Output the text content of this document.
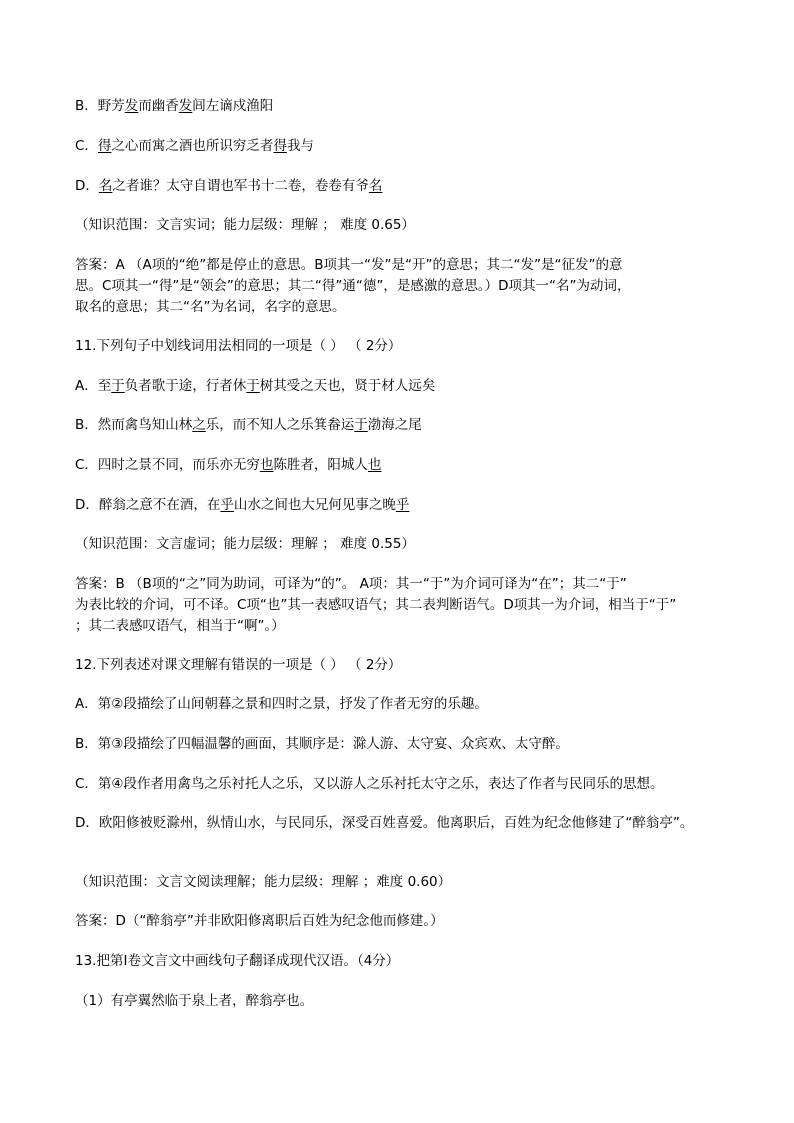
B．野芳发而幽香发闾左谪戍渔阳
C．得之心而寓之酒也所识穷乏者得我与
D．名之者谁？太守自谓也军书十二卷，卷卷有爷名
（知识范围：文言实词；能力层级：理解 ； 难度 0.65）
答案：A （A项的“绝”都是停止的意思。B项其一“发”是“开”的意思；其二“发”是“征发”的意
思。C项其一“得”是“领会”的意思；其二“得”通“德”，是感激的意思。）D项其一“名”为动词，
取名的意思；其二“名”为名词，名字的意思。
11.下列句子中划线词用法相同的一项是（ ） （ 2分）
A．至于负者歌于途，行者休于树其受之天也，贤于材人远矣
B．然而禽鸟知山林之乐，而不知人之乐箕畚运于渤海之尾
C．四时之景不同，而乐亦无穷也陈胜者，阳城人也
D．醉翁之意不在酒，在乎山水之间也大兄何见事之晚乎
（知识范围：文言虚词；能力层级：理解 ； 难度 0.55）
答案：B （B项的“之”同为助词，可译为“的”。 A项：其一“于”为介词可译为“在”；其二“于”
为表比较的介词，可不译。C项“也”其一表感叹语气；其二表判断语气。D项其一为介词，相当于“于”
；其二表感叹语气，相当于“啊”。）
12.下列表述对课文理解有错误的一项是（ ） （ 2分）
A．第②段描绘了山间朝暮之景和四时之景，抒发了作者无穷的乐趣。
B．第③段描绘了四幅温馨的画面，其顺序是：滁人游、太守宴、众宾欢、太守醉。
C．第④段作者用禽鸟之乐衬托人之乐，又以游人之乐衬托太守之乐，表达了作者与民同乐的思想。
D．欧阳修被贬滁州，纵情山水，与民同乐，深受百姓喜爱。他离职后，百姓为纪念他修建了“醉翁亭”。
（知识范围：文言文阅读理解；能力层级：理解 ；难度 0.60）
答案：D（“醉翁亭”并非欧阳修离职后百姓为纪念他而修建。）
13.把第Ⅰ卷文言文中画线句子翻译成现代汉语。（4分）
（1）有亭翼然临于泉上者，醉翁亭也。
